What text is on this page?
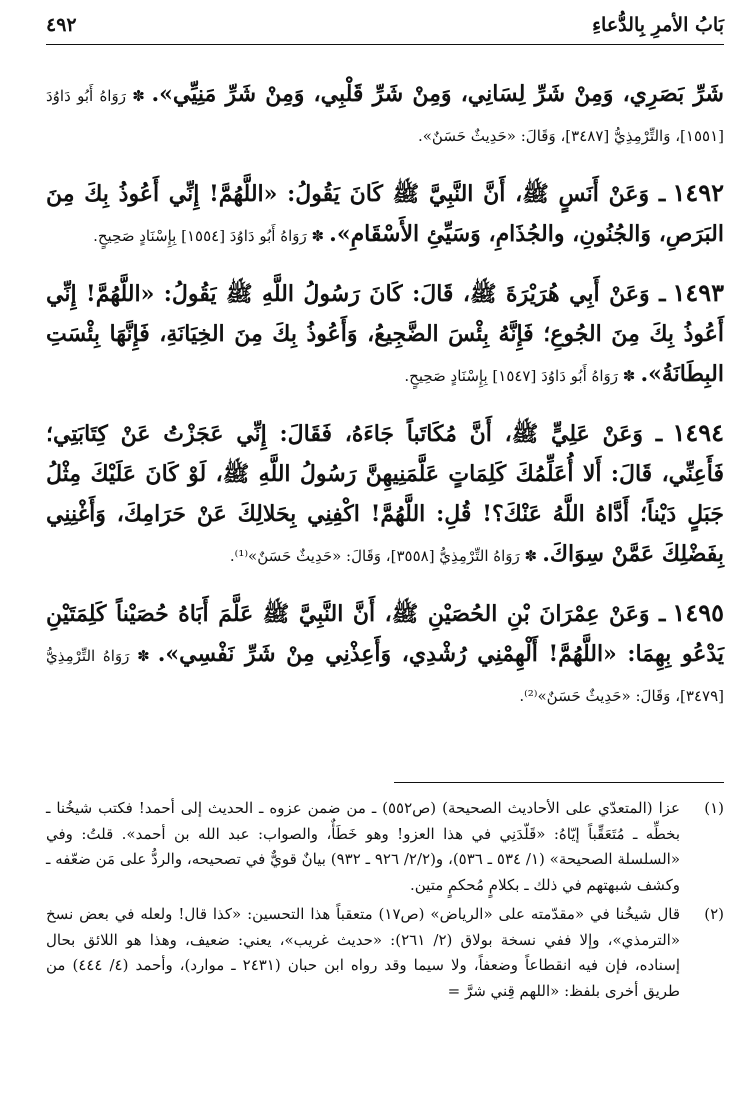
بَابُ الأمرِ بِالدُّعاءِ
٤٩٢

شَرِّ بَصَرِي، وَمِنْ شَرِّ لِسَانِي، وَمِنْ شَرِّ قَلْبِي، وَمِنْ شَرِّ مَنِيِّي». ✽ رَوَاهُ أَبُو دَاوُدَ [١٥٥١]، وَالتِّرْمِذِيُّ [٣٤٨٧]، وَقَالَ: «حَدِيثٌ حَسَنٌ».

١٤٩٢ ـ وَعَنْ أَنَسٍ ﷺ، أَنَّ النَّبِيَّ ﷺ كَانَ يَقُولُ: «اللَّهُمَّ! إِنِّي أَعُوذُ بِكَ مِنَ البَرَصِ، وَالجُنُونِ، والجُذَامِ، وَسَيِّئِ الأَسْقَامِ». ✽ رَوَاهُ أَبُو دَاوُدَ [١٥٥٤] بِإِسْنَادٍ صَحِيحٍ.

١٤٩٣ ـ وَعَنْ أَبِي هُرَيْرَةَ ﷺ، قَالَ: كَانَ رَسُولُ اللَّهِ ﷺ يَقُولُ: «اللَّهُمَّ! إِنِّي أَعُوذُ بِكَ مِنَ الجُوعِ؛ فَإِنَّهُ بِئْسَ الضَّجِيعُ، وَأَعُوذُ بِكَ مِنَ الخِيَانَةِ، فَإِنَّهَا بِئْسَتِ البِطَانَةُ». ✽ رَوَاهُ أَبُو دَاوُدَ [١٥٤٧] بِإِسْنَادٍ صَحِيحٍ.

١٤٩٤ ـ وَعَنْ عَلِيٍّ ﷺ، أَنَّ مُكَاتَباً جَاءَهُ، فَقَالَ: إِنِّي عَجَزْتُ عَنْ كِتَابَتِي؛ فَأَعِنِّي، قَالَ: أَلا أُعَلِّمُكَ كَلِمَاتٍ عَلَّمَنِيهِنَّ رَسُولُ اللَّهِ ﷺ، لَوْ كَانَ عَلَيْكَ مِثْلُ جَبَلٍ دَيْناً؛ أَدَّاهُ اللَّهُ عَنْكَ؟! قُلِ: اللَّهُمَّ! اكْفِنِي بِحَلالِكَ عَنْ حَرَامِكَ، وَأَغْنِنِي بِفَضْلِكَ عَمَّنْ سِوَاكَ. ✽ رَوَاهُ التِّرْمِذِيُّ [٣٥٥٨]، وَقَالَ: «حَدِيثٌ حَسَنٌ»⁽¹⁾.

١٤٩٥ ـ وَعَنْ عِمْرَانَ بْنِ الحُصَيْنِ ﷺ، أَنَّ النَّبِيَّ ﷺ عَلَّمَ أَبَاهُ حُصَيْناً كَلِمَتَيْنِ يَدْعُو بِهِمَا: «اللَّهُمَّ! أَلْهِمْنِي رُشْدِي، وَأَعِذْنِي مِنْ شَرِّ نَفْسِي». ✽ رَوَاهُ التِّرْمِذِيُّ [٣٤٧٩]، وَقَالَ: «حَدِيثٌ حَسَنٌ»⁽²⁾.

(١)
عزا (المتعدّي على الأحاديث الصحيحة) (ص٥٥٢) ـ من ضمن عزوه ـ الحديث إلى أحمد! فكتب شيخُنا ـ بخطِّه ـ مُتَعَقِّباً إيّاهُ: «قَلّدَنِي في هذا العزو! وهو خَطَأٌ، والصواب: عبد الله بن أحمد». قلتُ: وفي «السلسلة الصحيحة» (١/ ٥٣٤ ـ ٥٣٦)، و(٢/٢/ ٩٢٦ ـ ٩٣٢) بيانٌ قويٌّ في تصحيحه، والردُّ على مَن ضعّفه ـ وكشف شبهتهم في ذلك ـ بكلامٍ مُحكمٍ متين.
(٢)
قال شيخُنا في «مقدّمته على «الرياض» (ص١٧) متعقباً هذا التحسين: «كذا قال! ولعله في بعض نسخ «الترمذي»، وإلا ففي نسخة بولاق (٢/ ٢٦١): «حديث غريب»، يعني: ضعيف، وهذا هو اللائق بحال إسناده، فإن فيه انقطاعاً وضعفاً، ولا سيما وقد رواه ابن حبان (٢٤٣١ ـ موارد)، وأحمد (٤/ ٤٤٤) من طريق أخرى بلفظ: «اللهم قِني شرَّ =
